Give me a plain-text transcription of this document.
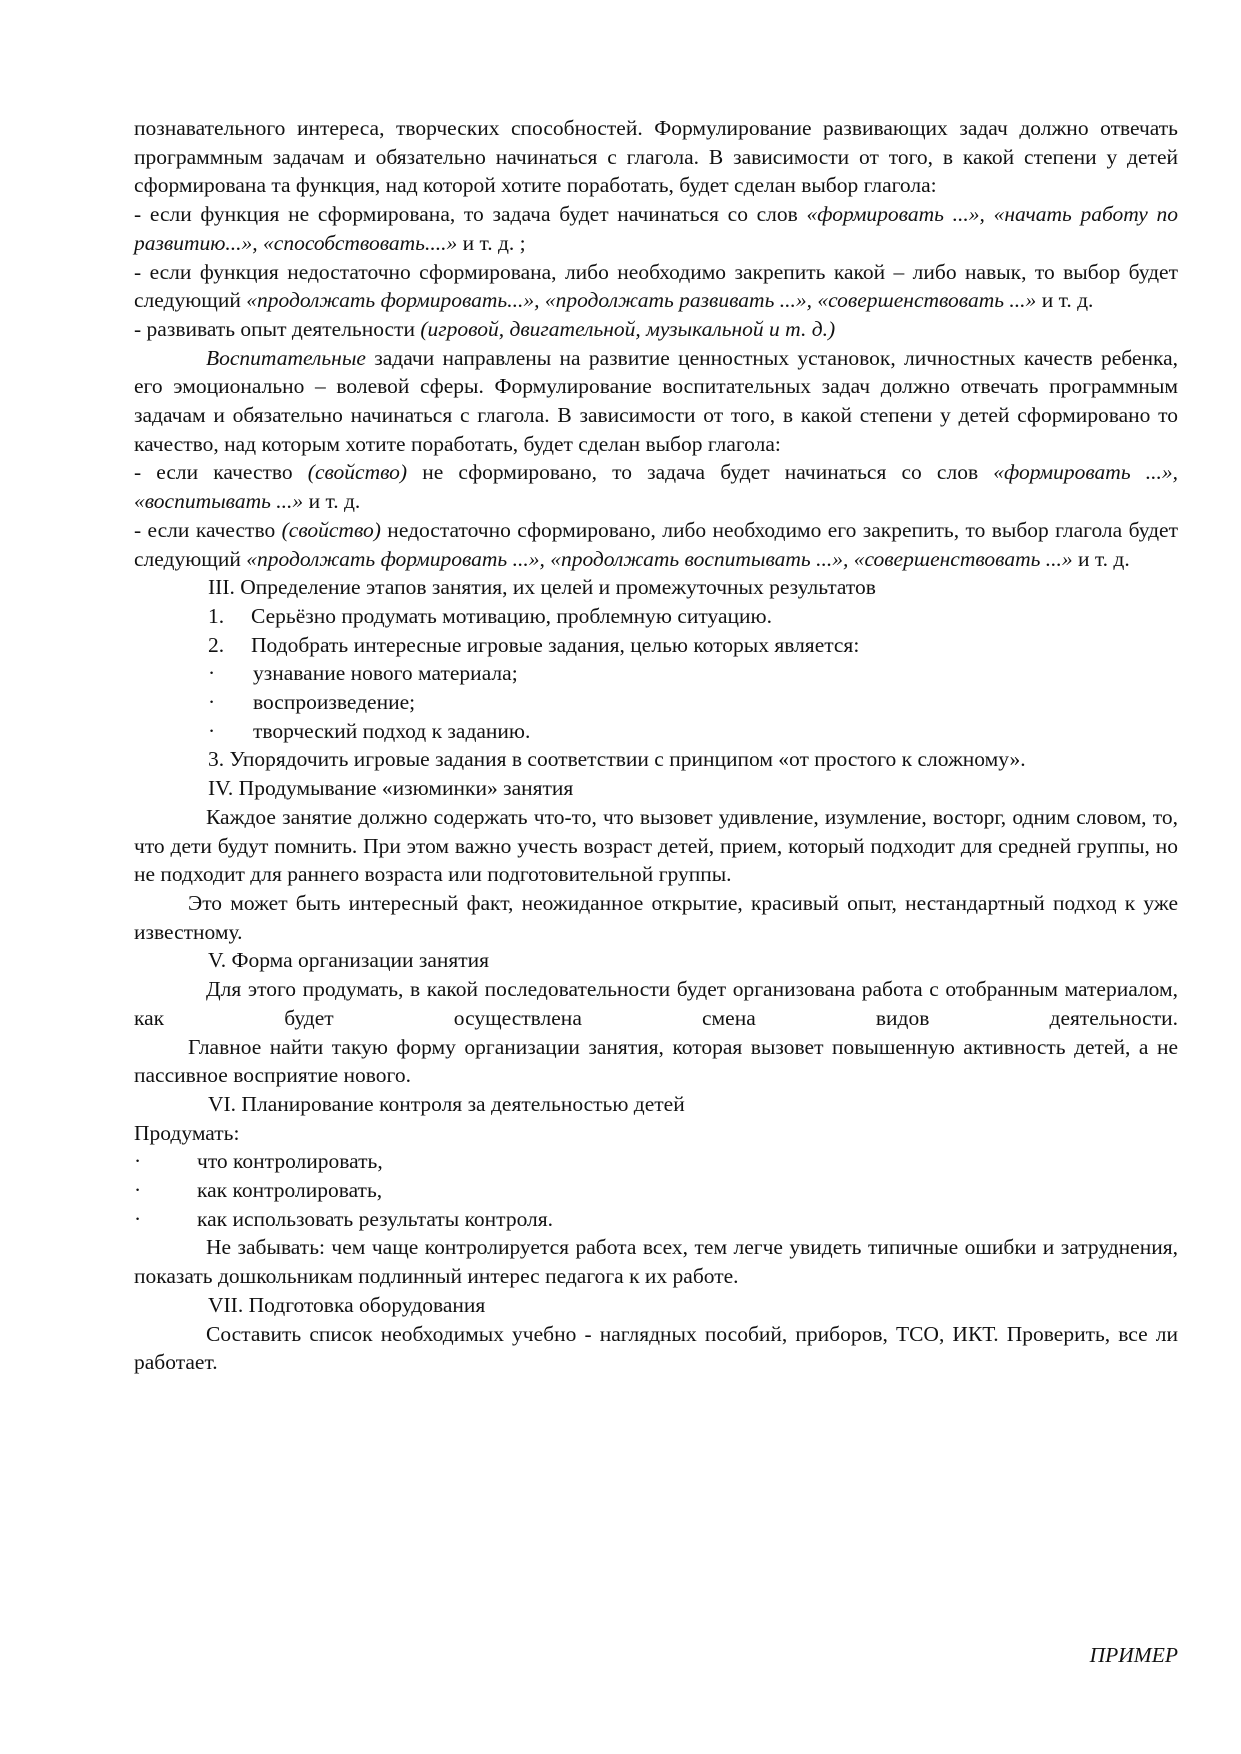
познавательного интереса, творческих способностей. Формулирование развивающих задач должно отвечать программным задачам и обязательно начинаться с глагола. В зависимости от того, в какой степени у детей сформирована та функция, над которой хотите поработать, будет сделан выбор глагола:

- если функция не сформирована, то задача будет начинаться со слов «формировать ...», «начать работу по развитию...», «способствовать....» и т. д. ;

- если функция недостаточно сформирована, либо необходимо закрепить какой – либо навык, то выбор будет следующий «продолжать формировать...», «продолжать развивать ...», «совершенствовать ...» и т. д.

- развивать опыт деятельности (игровой, двигательной, музыкальной и т. д.)

Воспитательные задачи направлены на развитие ценностных установок, личностных качеств ребенка, его эмоционально – волевой сферы. Формулирование воспитательных задач должно отвечать программным задачам и обязательно начинаться с глагола. В зависимости от того, в какой степени у детей сформировано то качество, над которым хотите поработать, будет сделан выбор глагола:

- если качество (свойство) не сформировано, то задача будет начинаться со слов «формировать ...», «воспитывать ...» и т. д.

- если качество (свойство) недостаточно сформировано, либо необходимо его закрепить, то выбор глагола будет следующий «продолжать формировать ...», «продолжать воспитывать ...», «совершенствовать ...» и т. д.

III. Определение этапов занятия, их целей и промежуточных результатов

1. Серьёзно продумать мотивацию, проблемную ситуацию.

2. Подобрать интересные игровые задания, целью которых является:

· узнавание нового материала;

· воспроизведение;

· творческий подход к заданию.

3. Упорядочить игровые задания в соответствии с принципом «от простого к сложному».

IV. Продумывание «изюминки» занятия

Каждое занятие должно содержать что-то, что вызовет удивление, изумление, восторг, одним словом, то, что дети будут помнить. При этом важно учесть возраст детей, прием, который подходит для средней группы, но не подходит для раннего возраста или подготовительной группы.

Это может быть интересный факт, неожиданное открытие, красивый опыт, нестандартный подход к уже известному.

V. Форма организации занятия

Для этого продумать, в какой последовательности будет организована работа с отобранным материалом, как будет осуществлена смена видов деятельности.

Главное найти такую форму организации занятия, которая вызовет повышенную активность детей, а не пассивное восприятие нового.

VI. Планирование контроля за деятельностью детей

Продумать:

·	что контролировать,

·	как контролировать,

·	как использовать результаты контроля.

Не забывать: чем чаще контролируется работа всех, тем легче увидеть типичные ошибки и затруднения, показать дошкольникам подлинный интерес педагога к их работе.

VII. Подготовка оборудования

Составить список необходимых учебно - наглядных пособий, приборов, ТСО, ИКТ. Проверить, все ли работает.

ПРИМЕР
